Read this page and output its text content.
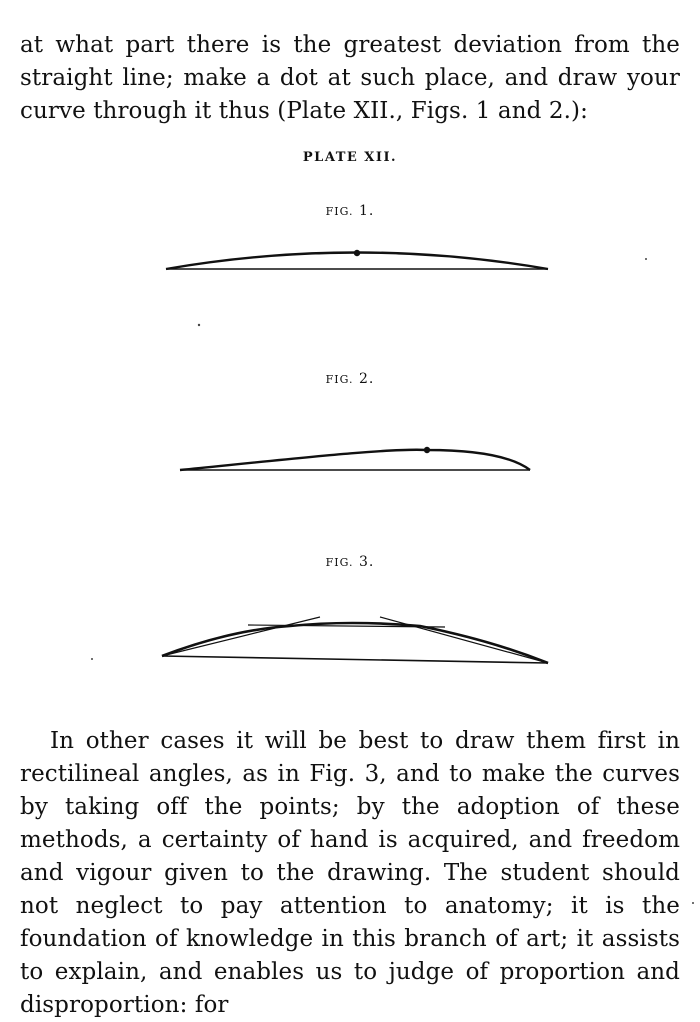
at what part there is the greatest deviation from the straight line; make a dot at such place, and draw your curve through it thus (Plate XII., Figs. 1 and 2.):

PLATE XII.
FIG. 1.
FIG. 2.
FIG. 3.

In other cases it will be best to draw them first in rectilineal angles, as in Fig. 3, and to make the curves by taking off the points; by the adoption of these methods, a certainty of hand is acquired, and freedom and vigour given to the drawing. The student should not neglect to pay attention to anatomy; it is the foundation of knowledge in this branch of art; it assists to explain, and enables us to judge of proportion and disproportion: for
